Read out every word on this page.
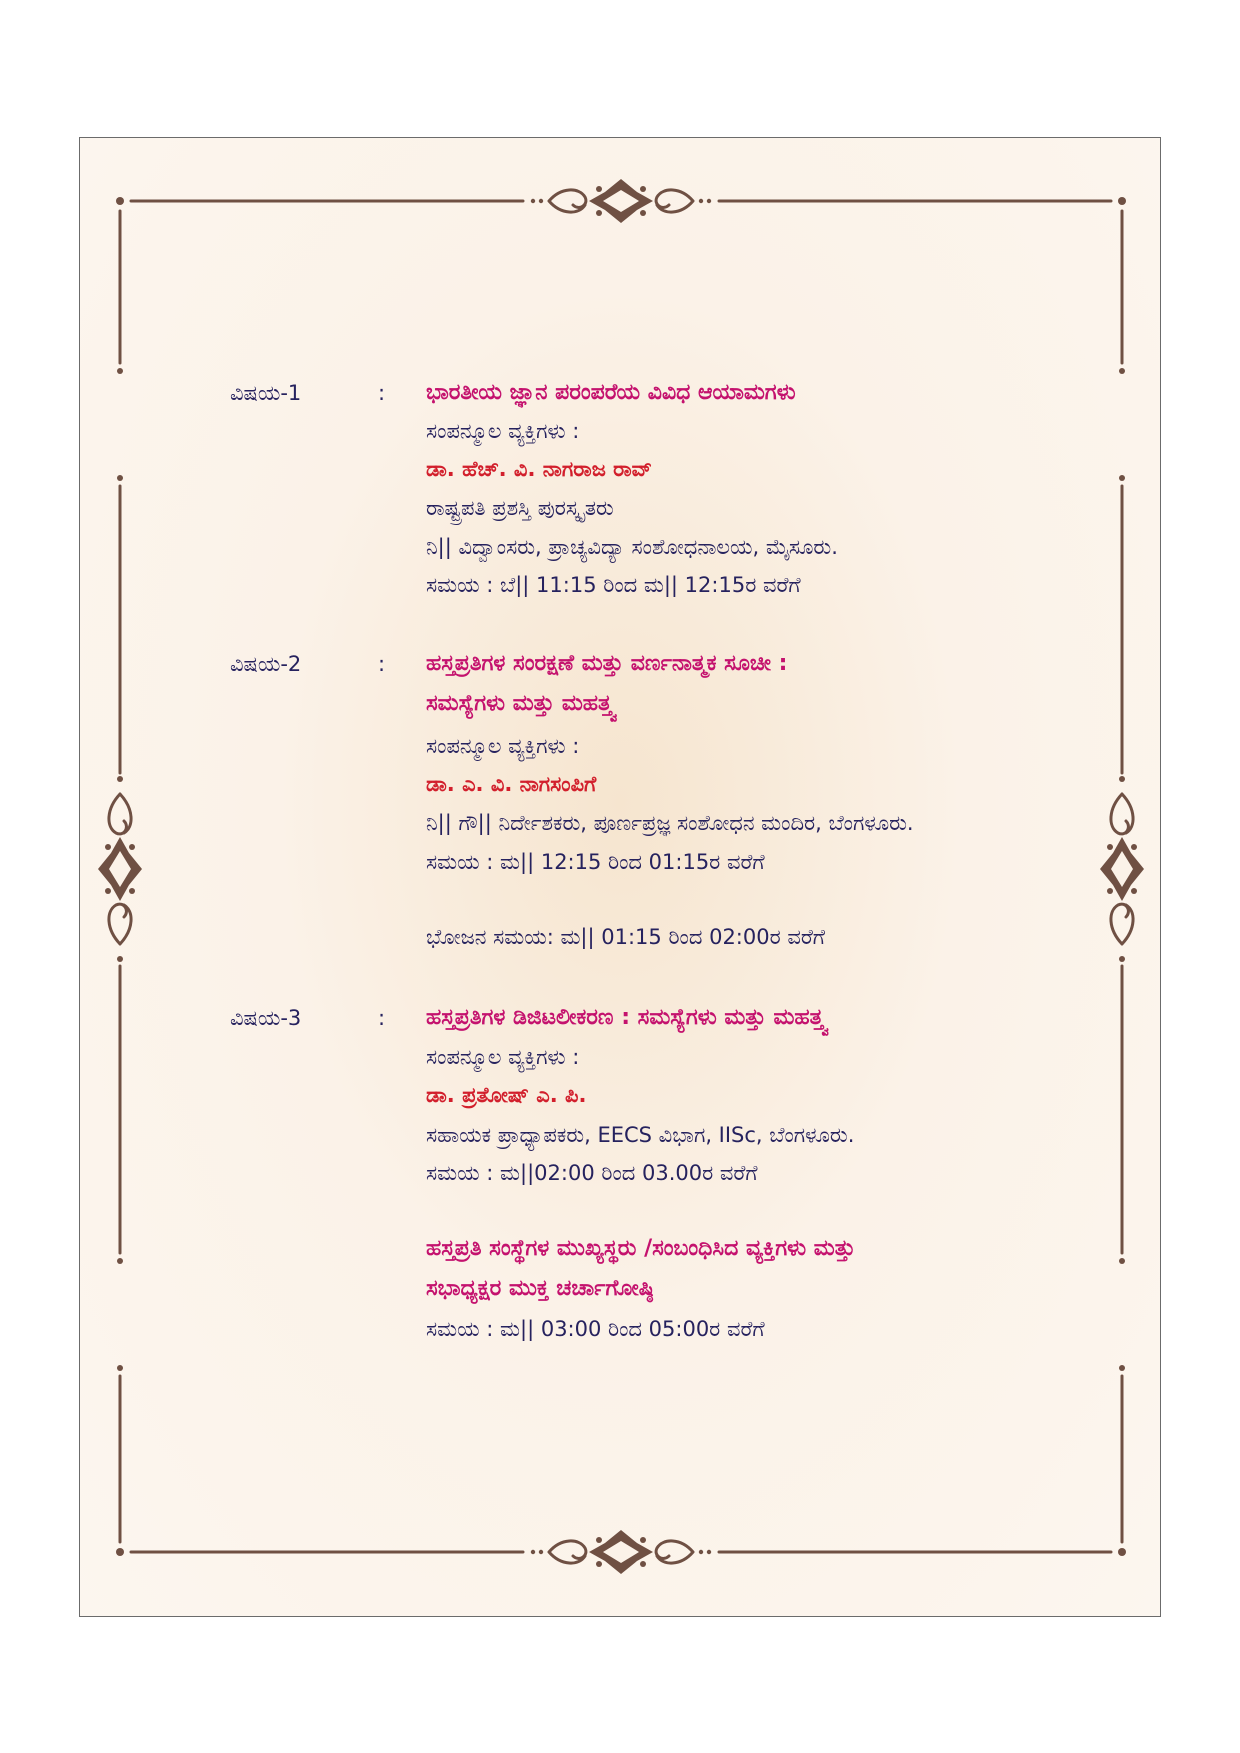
ವಿಷಯ-1	: ಭಾರತೀಯ ಜ್ಞಾನ ಪರಂಪರೆಯ ವಿವಿಧ ಆಯಾಮಗಳು
ಸಂಪನ್ಮೂಲ ವ್ಯಕ್ತಿಗಳು :
ಡಾ. ಹೆಚ್. ವಿ. ನಾಗರಾಜ ರಾವ್
ರಾಷ್ಟ್ರಪತಿ ಪ್ರಶಸ್ತಿ ಪುರಸ್ಕೃತರು
ನಿ|| ವಿದ್ವಾಂಸರು, ಪ್ರಾಚ್ಯವಿದ್ಯಾ ಸಂಶೋಧನಾಲಯ, ಮೈಸೂರು.
ಸಮಯ : ಬೆ|| 11:15 ರಿಂದ ಮ|| 12:15ರ ವರೆಗೆ
ವಿಷಯ-2	: ಹಸ್ತಪ್ರತಿಗಳ ಸಂರಕ್ಷಣೆ ಮತ್ತು ವರ್ಣನಾತ್ಮಕ ಸೂಚೀ :
ಸಮಸ್ಯೆಗಳು ಮತ್ತು ಮಹತ್ತ್ವ
ಸಂಪನ್ಮೂಲ ವ್ಯಕ್ತಿಗಳು :
ಡಾ. ಎ. ವಿ. ನಾಗಸಂಪಿಗೆ
ನಿ|| ಗೌ|| ನಿರ್ದೇಶಕರು, ಪೂರ್ಣಪ್ರಜ್ಞ ಸಂಶೋಧನ ಮಂದಿರ, ಬೆಂಗಳೂರು.
ಸಮಯ : ಮ|| 12:15 ರಿಂದ 01:15ರ ವರೆಗೆ
ಭೋಜನ ಸಮಯ: ಮ|| 01:15 ರಿಂದ 02:00ರ ವರೆಗೆ
ವಿಷಯ-3	: ಹಸ್ತಪ್ರತಿಗಳ ಡಿಜಿಟಲೀಕರಣ : ಸಮಸ್ಯೆಗಳು ಮತ್ತು ಮಹತ್ತ್ವ
ಸಂಪನ್ಮೂಲ ವ್ಯಕ್ತಿಗಳು :
ಡಾ. ಪ್ರತೋಷ್ ಎ. ಪಿ.
ಸಹಾಯಕ ಪ್ರಾಧ್ಯಾಪಕರು, EECS ವಿಭಾಗ, IISc, ಬೆಂಗಳೂರು.
ಸಮಯ : ಮ||02:00 ರಿಂದ 03.00ರ ವರೆಗೆ
ಹಸ್ತಪ್ರತಿ ಸಂಸ್ಥೆಗಳ ಮುಖ್ಯಸ್ಥರು /ಸಂಬಂಧಿಸಿದ ವ್ಯಕ್ತಿಗಳು ಮತ್ತು
ಸಭಾಧ್ಯಕ್ಷರ ಮುಕ್ತ ಚರ್ಚಾಗೋಷ್ಠಿ
ಸಮಯ : ಮ|| 03:00 ರಿಂದ 05:00ರ ವರೆಗೆ
